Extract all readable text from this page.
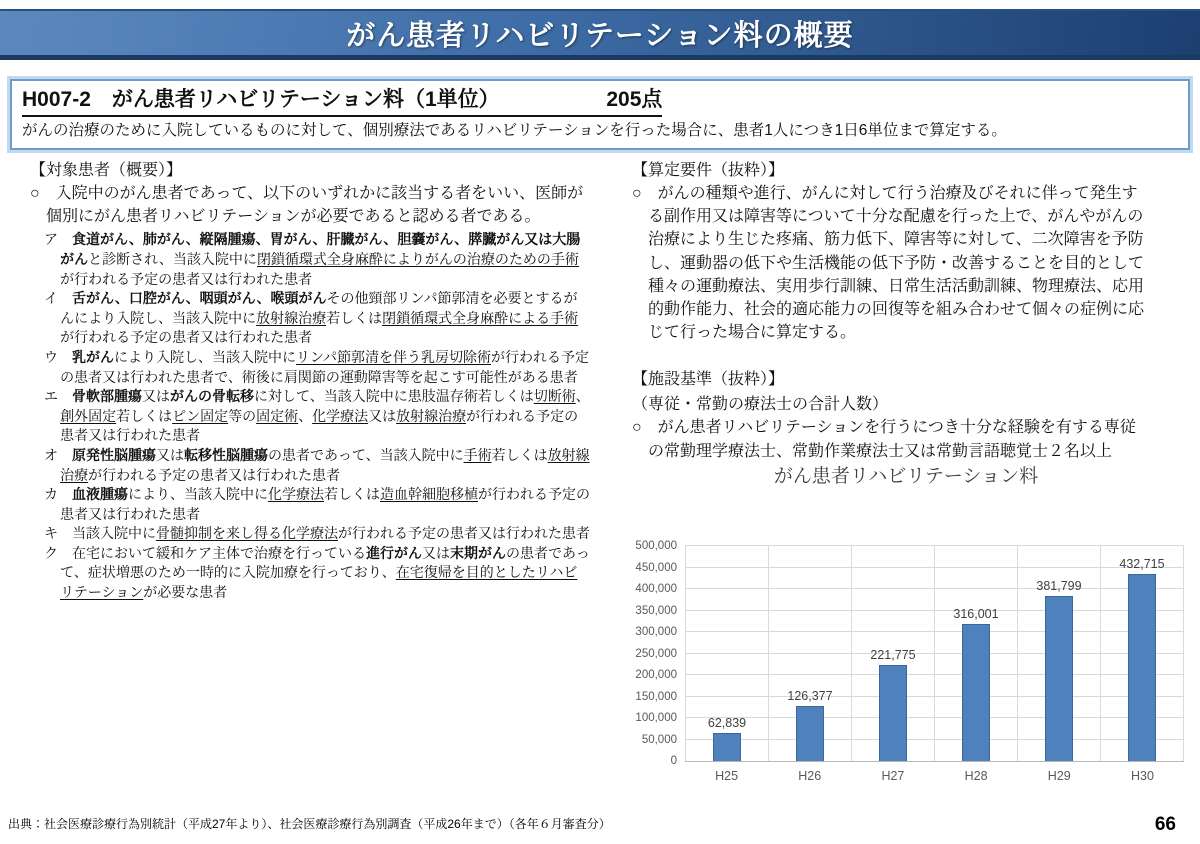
がん患者リハビリテーション料の概要
H007-2　がん患者リハビリテーション料（1単位）	205点
がんの治療のために入院しているものに対して、個別療法であるリハビリテーションを行った場合に、患者1人につき1日6単位まで算定する。
【対象患者（概要）】

○　入院中のがん患者であって、以下のいずれかに該当する者をいい、医師が個別にがん患者リハビリテーションが必要であると認める者である。

ア　食道がん、肺がん、縦隔腫瘍、胃がん、肝臓がん、胆嚢がん、膵臓がん又は大腸がんと診断され、当該入院中に閉鎖循環式全身麻酔によりがんの治療のための手術が行われる予定の患者又は行われた患者
イ　舌がん、口腔がん、咽頭がん、喉頭がんその他頸部リンパ節郭清を必要とするがんにより入院し、当該入院中に放射線治療若しくは閉鎖循環式全身麻酔による手術が行われる予定の患者又は行われた患者
ウ　乳がんにより入院し、当該入院中にリンパ節郭清を伴う乳房切除術が行われる予定の患者又は行われた患者で、術後に肩関節の運動障害等を起こす可能性がある患者
エ　骨軟部腫瘍又はがんの骨転移に対して、当該入院中に患肢温存術若しくは切断術、創外固定若しくはピン固定等の固定術、化学療法又は放射線治療が行われる予定の患者又は行われた患者
オ　原発性脳腫瘍又は転移性脳腫瘍の患者であって、当該入院中に手術若しくは放射線治療が行われる予定の患者又は行われた患者
カ　血液腫瘍により、当該入院中に化学療法若しくは造血幹細胞移植が行われる予定の患者又は行われた患者
キ　当該入院中に骨髄抑制を来し得る化学療法が行われる予定の患者又は行われた患者
ク　在宅において緩和ケア主体で治療を行っている進行がん又は末期がんの患者であって、症状増悪のため一時的に入院加療を行っており、在宅復帰を目的としたリハビリテーションが必要な患者
【算定要件（抜粋）】

○　がんの種類や進行、がんに対して行う治療及びそれに伴って発生する副作用又は障害等について十分な配慮を行った上で、がんやがんの治療により生じた疼痛、筋力低下、障害等に対して、二次障害を予防し、運動器の低下や生活機能の低下予防・改善することを目的として種々の運動療法、実用歩行訓練、日常生活活動訓練、物理療法、応用的動作能力、社会的適応能力の回復等を組み合わせて個々の症例に応じて行った場合に算定する。

【施設基準（抜粋）】
（専従・常勤の療法士の合計人数）

○　がん患者リハビリテーションを行うにつき十分な経験を有する専従の常勤理学療法士、常勤作業療法士又は常勤言語聴覚士２名以上

がん患者リハビリテーション料
0
50,000
100,000
150,000
200,000
250,000
300,000
350,000
400,000
450,000
500,000
62,839
126,377
221,775
316,001
381,799
432,715
H25	H26	H27	H28	H29	H30
出典：社会医療診療行為別統計（平成27年より）、社会医療診療行為別調査（平成26年まで）（各年６月審査分）	66
